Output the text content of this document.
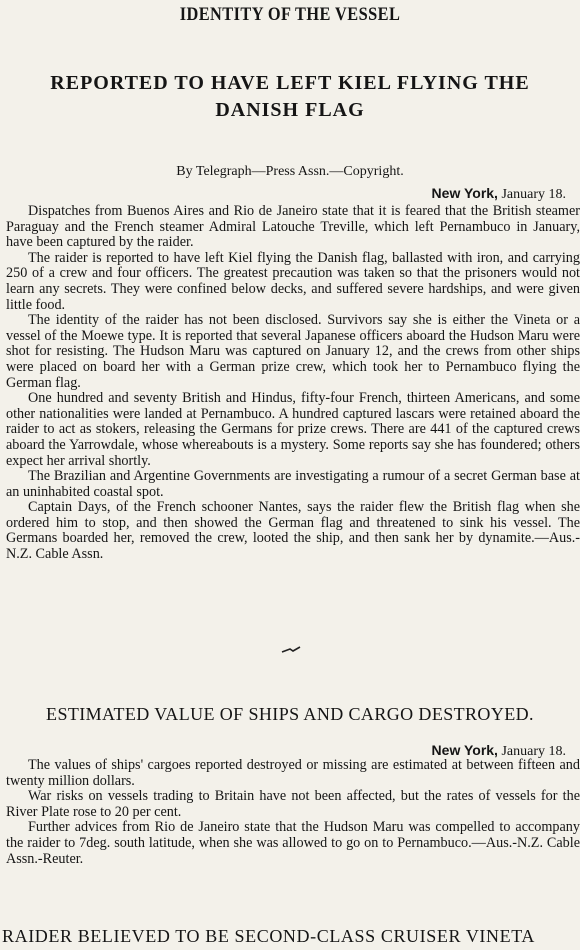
IDENTITY OF THE VESSEL
REPORTED TO HAVE LEFT KIEL FLYING THE DANISH FLAG
By Telegraph—Press Assn.—Copyright.
New York, January 18.

Dispatches from Buenos Aires and Rio de Janeiro state that it is feared that the British steamer Paraguay and the French steamer Admiral Latouche Treville, which left Pernambuco in January, have been captured by the raider.

The raider is reported to have left Kiel flying the Danish flag, ballasted with iron, and carrying 250 of a crew and four officers. The greatest precaution was taken so that the prisoners would not learn any secrets. They were confined below decks, and suffered severe hardships, and were given little food.

The identity of the raider has not been disclosed. Survivors say she is either the Vineta or a vessel of the Moewe type. It is reported that several Japanese officers aboard the Hudson Maru were shot for resisting. The Hudson Maru was captured on January 12, and the crews from other ships were placed on board her with a German prize crew, which took her to Pernambuco flying the German flag.

One hundred and seventy British and Hindus, fifty-four French, thirteen Americans, and some other nationalities were landed at Pernambuco. A hundred captured lascars were retained aboard the raider to act as stokers, releasing the Germans for prize crews. There are 441 of the captured crews aboard the Yarrowdale, whose whereabouts is a mystery. Some reports say she has foundered; others expect her arrival shortly.

The Brazilian and Argentine Governments are investigating a rumour of a secret German base at an uninhabited coastal spot.

Captain Days, of the French schooner Nantes, says the raider flew the British flag when she ordered him to stop, and then showed the German flag and threatened to sink his vessel. The Germans boarded her, removed the crew, looted the ship, and then sank her by dynamite.—Aus.-N.Z. Cable Assn.

ESTIMATED VALUE OF SHIPS AND CARGO DESTROYED.
New York, January 18.

The values of ships' cargoes reported destroyed or missing are estimated at between fifteen and twenty million dollars.

War risks on vessels trading to Britain have not been affected, but the rates of vessels for the River Plate rose to 20 per cent.

Further advices from Rio de Janeiro state that the Hudson Maru was compelled to accompany the raider to 7deg. south latitude, when she was allowed to go on to Pernambuco.—Aus.-N.Z. Cable Assn.-Reuter.

RAIDER BELIEVED TO BE SECOND-CLASS CRUISER VINETA
